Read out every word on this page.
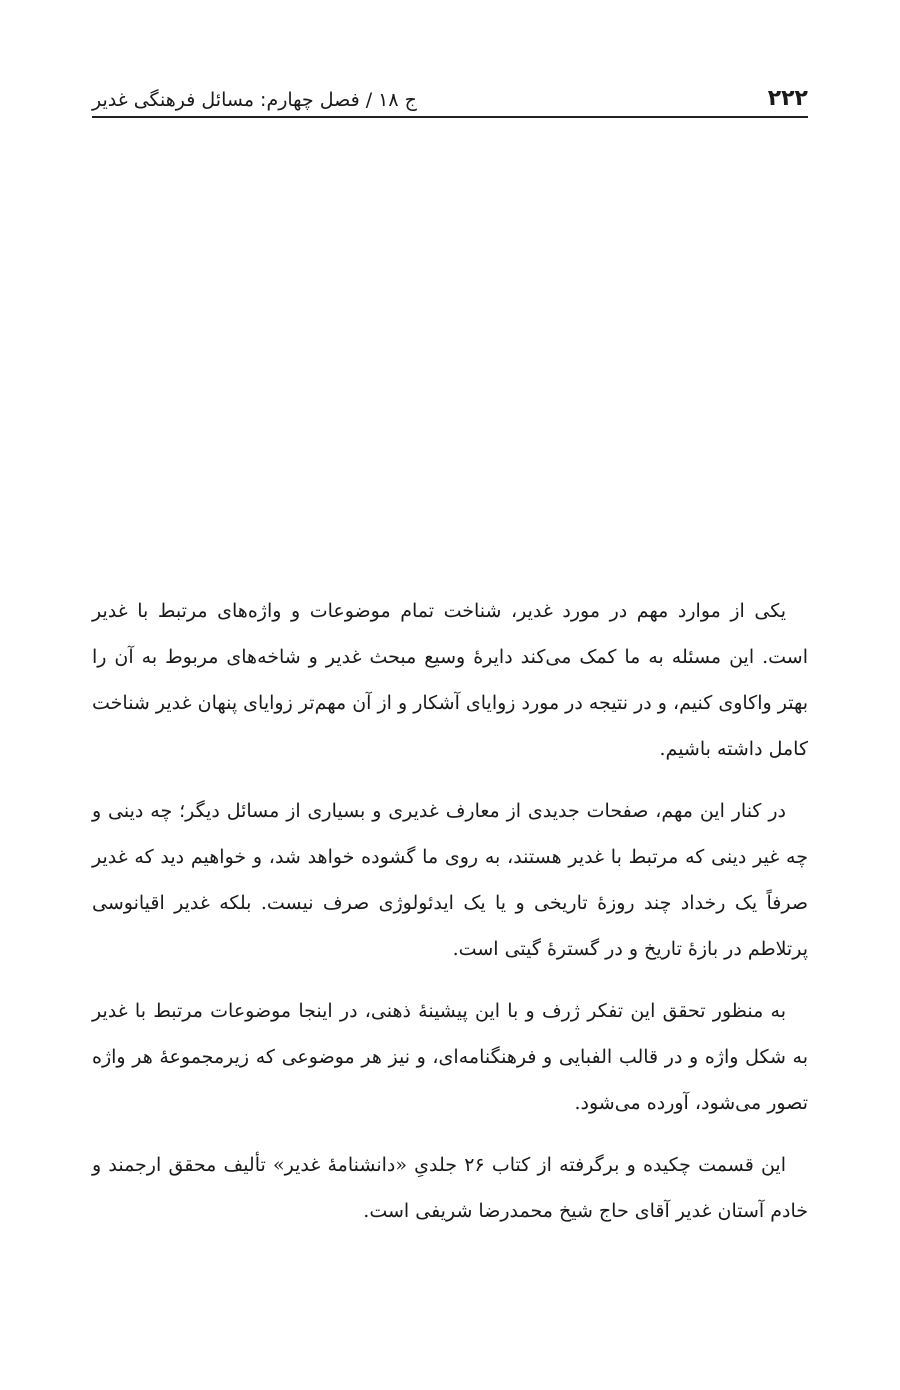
۲۲۲
ج ۱۸ / فصل چهارم: مسائل فرهنگی غدیر

یکی از موارد مهم در مورد غدیر، شناخت تمام موضوعات و واژه‌های مرتبط با غدیر است. این مسئله به ما کمک می‌کند دایرهٔ وسیع مبحث غدیر و شاخه‌های مربوط به آن را بهتر واکاوی کنیم، و در نتیجه در مورد زوایای آشکار و از آن مهم‌تر زوایای پنهان غدیر شناخت کامل داشته باشیم.

در کنار این مهم، صفحات جدیدی از معارف غدیری و بسیاری از مسائل دیگر؛ چه دینی و چه غیر دینی که مرتبط با غدیر هستند، به روی ما گشوده خواهد شد، و خواهیم دید که غدیر صرفاً یک رخداد چند روزهٔ تاریخی و یا یک ایدئولوژی صرف نیست. بلکه غدیر اقیانوسی پرتلاطم در بازهٔ تاریخ و در گسترهٔ گیتی است.

به منظور تحقق این تفکر ژرف و با این پیشینهٔ ذهنی، در اینجا موضوعات مرتبط با غدیر به شکل واژه و در قالب الفبایی و فرهنگنامه‌ای، و نیز هر موضوعی که زیرمجموعهٔ هر واژه تصور می‌شود، آورده می‌شود.

این قسمت چکیده و برگرفته از کتاب ۲۶ جلدیِ «دانشنامهٔ غدیر» تألیف محقق ارجمند و خادم آستان غدیر آقای حاج شیخ محمدرضا شریفی است.
